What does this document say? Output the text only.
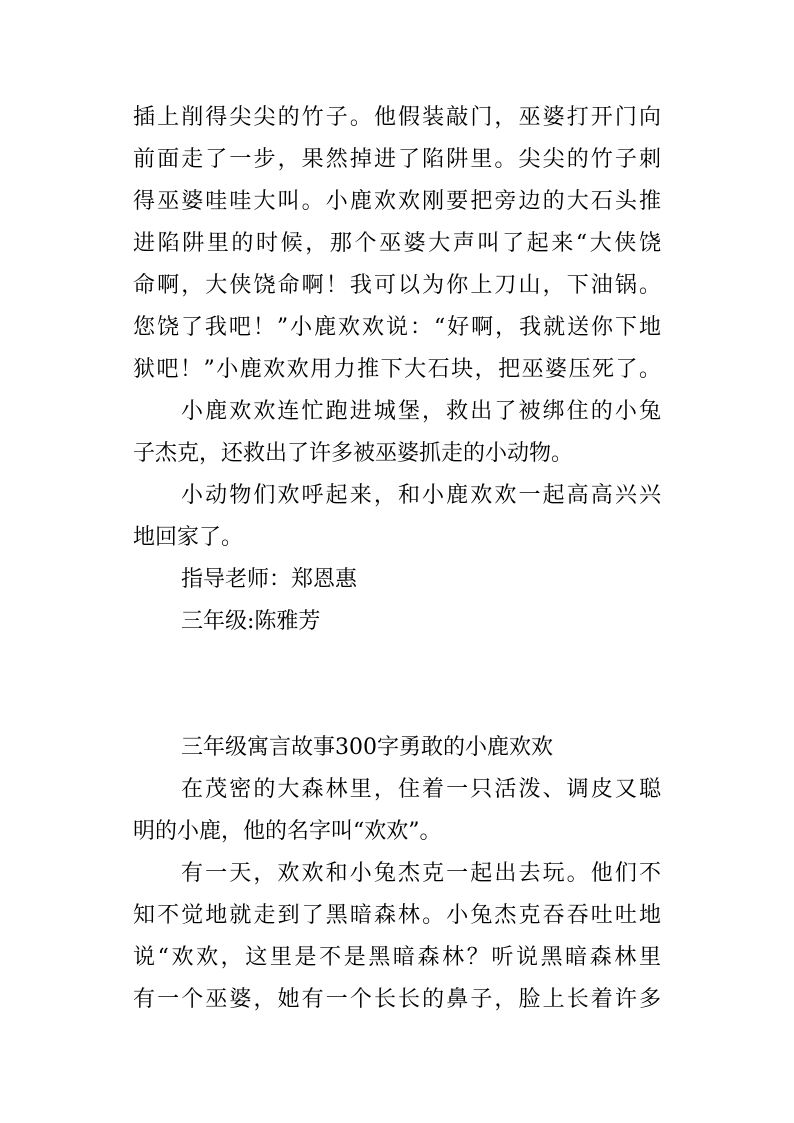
插上削得尖尖的竹子。他假装敲门，巫婆打开门向
前面走了一步，果然掉进了陷阱里。尖尖的竹子刺
得巫婆哇哇大叫。小鹿欢欢刚要把旁边的大石头推
进陷阱里的时候，那个巫婆大声叫了起来“大侠饶
命啊，大侠饶命啊！我可以为你上刀山，下油锅。
您饶了我吧！”小鹿欢欢说：“好啊，我就送你下地
狱吧！”小鹿欢欢用力推下大石块，把巫婆压死了。
小鹿欢欢连忙跑进城堡，救出了被绑住的小兔
子杰克，还救出了许多被巫婆抓走的小动物。
小动物们欢呼起来，和小鹿欢欢一起高高兴兴
地回家了。
指导老师：郑恩惠
三年级:陈雅芳
三年级寓言故事300字勇敢的小鹿欢欢
在茂密的大森林里，住着一只活泼、调皮又聪
明的小鹿，他的名字叫“欢欢”。
有一天，欢欢和小兔杰克一起出去玩。他们不
知不觉地就走到了黑暗森林。小兔杰克吞吞吐吐地
说“欢欢，这里是不是黑暗森林？听说黑暗森林里
有一个巫婆，她有一个长长的鼻子，脸上长着许多
